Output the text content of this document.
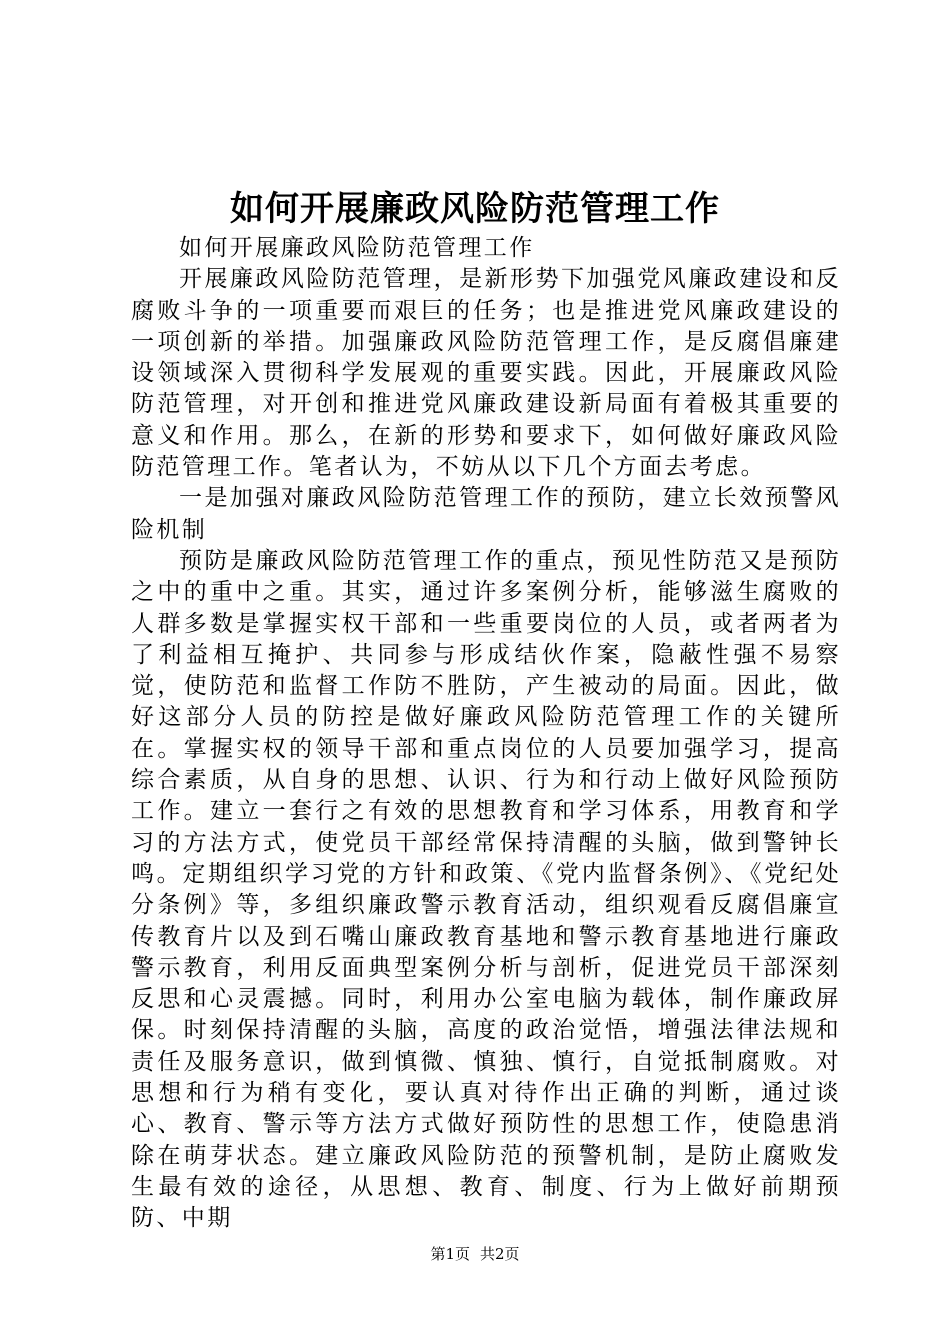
如何开展廉政风险防范管理工作

如何开展廉政风险防范管理工作

开展廉政风险防范管理，是新形势下加强党风廉政建设和反腐败斗争的一项重要而艰巨的任务；也是推进党风廉政建设的一项创新的举措。加强廉政风险防范管理工作，是反腐倡廉建设领域深入贯彻科学发展观的重要实践。因此，开展廉政风险防范管理，对开创和推进党风廉政建设新局面有着极其重要的意义和作用。那么，在新的形势和要求下，如何做好廉政风险防范管理工作。笔者认为，不妨从以下几个方面去考虑。

一是加强对廉政风险防范管理工作的预防，建立长效预警风险机制

预防是廉政风险防范管理工作的重点，预见性防范又是预防之中的重中之重。其实，通过许多案例分析，能够滋生腐败的人群多数是掌握实权干部和一些重要岗位的人员，或者两者为了利益相互掩护、共同参与形成结伙作案，隐蔽性强不易察觉，使防范和监督工作防不胜防，产生被动的局面。因此，做好这部分人员的防控是做好廉政风险防范管理工作的关键所在。掌握实权的领导干部和重点岗位的人员要加强学习，提高综合素质，从自身的思想、认识、行为和行动上做好风险预防工作。建立一套行之有效的思想教育和学习体系，用教育和学习的方法方式，使党员干部经常保持清醒的头脑，做到警钟长鸣。定期组织学习党的方针和政策、《党内监督条例》、《党纪处分条例》等，多组织廉政警示教育活动，组织观看反腐倡廉宣传教育片以及到石嘴山廉政教育基地和警示教育基地进行廉政警示教育，利用反面典型案例分析与剖析，促进党员干部深刻反思和心灵震撼。同时，利用办公室电脑为载体，制作廉政屏保。时刻保持清醒的头脑，高度的政治觉悟，增强法律法规和责任及服务意识，做到慎微、慎独、慎行，自觉抵制腐败。对思想和行为稍有变化，要认真对待作出正确的判断，通过谈心、教育、警示等方法方式做好预防性的思想工作，使隐患消除在萌芽状态。建立廉政风险防范的预警机制，是防止腐败发生最有效的途径，从思想、教育、制度、行为上做好前期预防、中期

第1页 共2页
